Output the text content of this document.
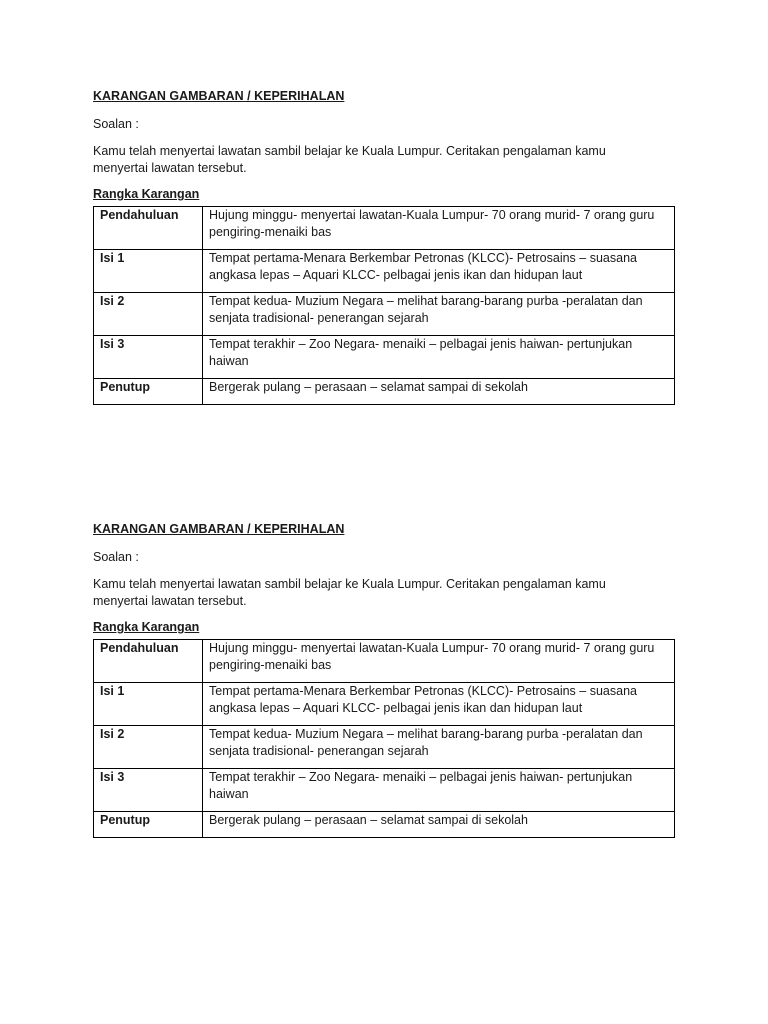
KARANGAN GAMBARAN / KEPERIHALAN
Soalan :
Kamu telah menyertai lawatan sambil belajar ke Kuala Lumpur. Ceritakan pengalaman kamu menyertai lawatan tersebut.
Rangka Karangan
Pendahuluan	Hujung minggu- menyertai lawatan-Kuala Lumpur- 70 orang murid- 7 orang guru pengiring-menaiki bas
Isi 1	Tempat pertama-Menara Berkembar Petronas (KLCC)- Petrosains – suasana angkasa lepas – Aquari KLCC- pelbagai jenis ikan dan hidupan laut
Isi 2	Tempat kedua- Muzium Negara – melihat barang-barang purba -peralatan dan senjata tradisional- penerangan sejarah
Isi 3	Tempat terakhir – Zoo Negara- menaiki – pelbagai jenis haiwan- pertunjukan haiwan
Penutup	Bergerak pulang – perasaan – selamat sampai di sekolah
KARANGAN GAMBARAN / KEPERIHALAN
Soalan :
Kamu telah menyertai lawatan sambil belajar ke Kuala Lumpur. Ceritakan pengalaman kamu menyertai lawatan tersebut.
Rangka Karangan
Pendahuluan	Hujung minggu- menyertai lawatan-Kuala Lumpur- 70 orang murid- 7 orang guru pengiring-menaiki bas
Isi 1	Tempat pertama-Menara Berkembar Petronas (KLCC)- Petrosains – suasana angkasa lepas – Aquari KLCC- pelbagai jenis ikan dan hidupan laut
Isi 2	Tempat kedua- Muzium Negara – melihat barang-barang purba -peralatan dan senjata tradisional- penerangan sejarah
Isi 3	Tempat terakhir – Zoo Negara- menaiki – pelbagai jenis haiwan- pertunjukan haiwan
Penutup	Bergerak pulang – perasaan – selamat sampai di sekolah
